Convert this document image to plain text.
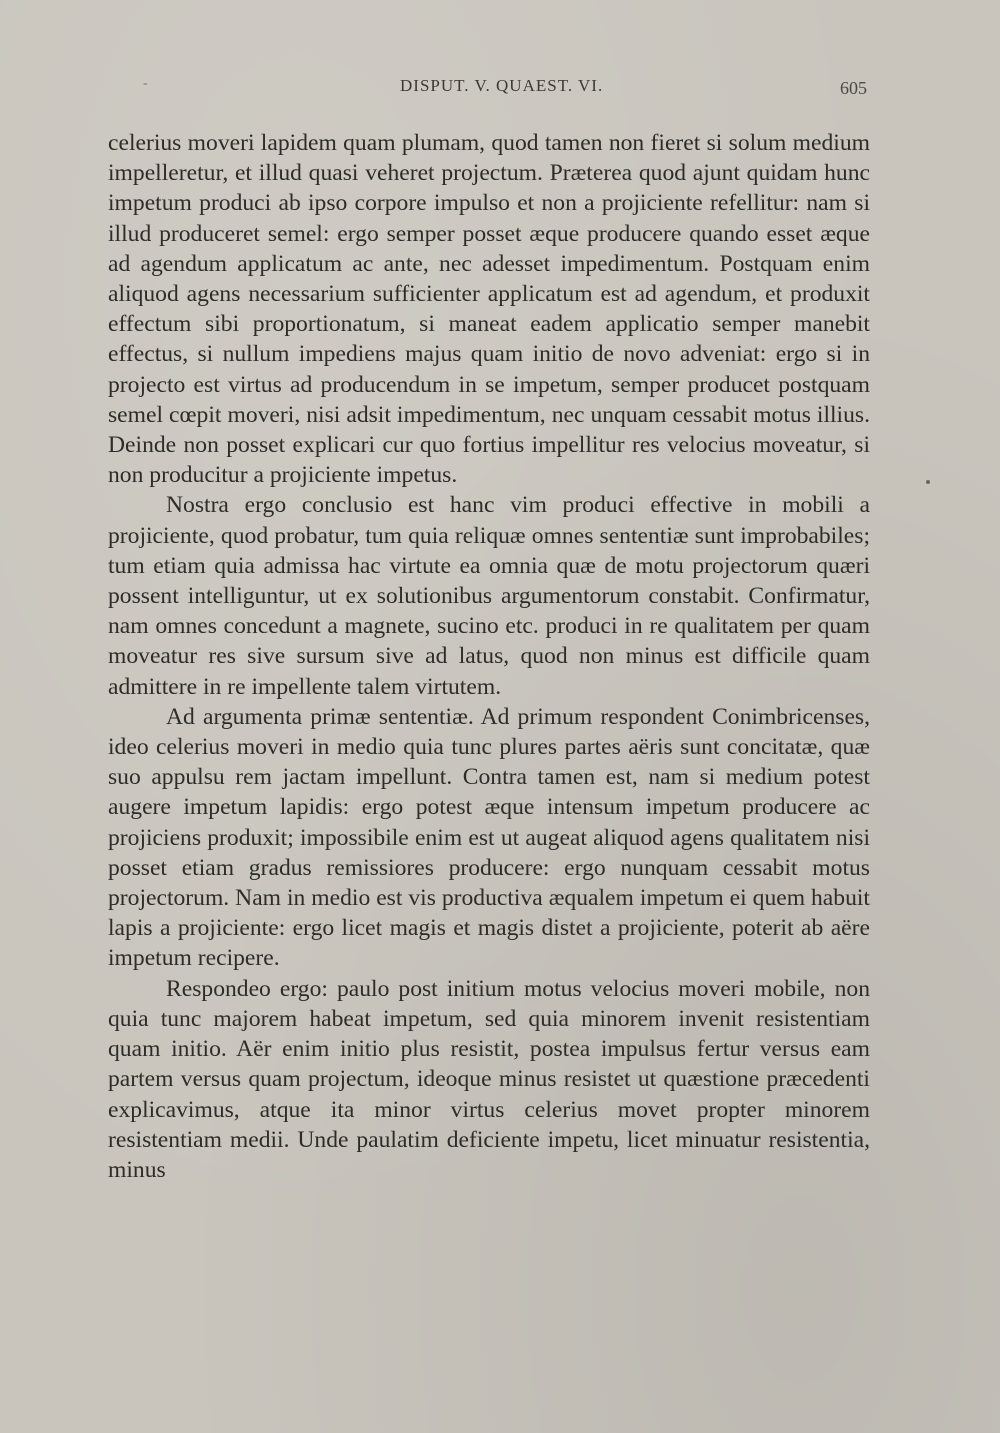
-	DISPUT. V. QUAEST. VI.	605

celerius moveri lapidem quam plumam, quod tamen non fieret si solum medium impelleretur, et illud quasi veheret projectum. Præterea quod ajunt quidam hunc impetum produci ab ipso corpore impulso et non a projiciente refellitur: nam si illud produceret semel: ergo semper posset æque producere quando esset æque ad agendum applicatum ac ante, nec adesset impedimentum. Postquam enim aliquod agens necessarium sufficienter applicatum est ad agendum, et produxit effectum sibi proportionatum, si maneat eadem applicatio semper manebit effectus, si nullum impediens majus quam initio de novo adveniat: ergo si in projecto est virtus ad producendum in se impetum, semper producet postquam semel cœpit moveri, nisi adsit impedimentum, nec unquam cessabit motus illius. Deinde non posset explicari cur quo fortius impellitur res velocius moveatur, si non producitur a projiciente impetus.

Nostra ergo conclusio est hanc vim produci effective in mobili a projiciente, quod probatur, tum quia reliquæ omnes sententiæ sunt improbabiles; tum etiam quia admissa hac virtute ea omnia quæ de motu projectorum quæri possent intelliguntur, ut ex solutionibus argumentorum constabit. Confirmatur, nam omnes concedunt a magnete, sucino etc. produci in re qualitatem per quam moveatur res sive sursum sive ad latus, quod non minus est difficile quam admittere in re impellente talem virtutem.

Ad argumenta primæ sententiæ. Ad primum respondent Conimbricenses, ideo celerius moveri in medio quia tunc plures partes aëris sunt concitatæ, quæ suo appulsu rem jactam impellunt. Contra tamen est, nam si medium potest augere impetum lapidis: ergo potest æque intensum impetum producere ac projiciens produxit; impossibile enim est ut augeat aliquod agens qualitatem nisi posset etiam gradus remissiores producere: ergo nunquam cessabit motus projectorum. Nam in medio est vis productiva æqualem impetum ei quem habuit lapis a projiciente: ergo licet magis et magis distet a projiciente, poterit ab aëre impetum recipere.

Respondeo ergo: paulo post initium motus velocius moveri mobile, non quia tunc majorem habeat impetum, sed quia minorem invenit resistentiam quam initio. Aër enim initio plus resistit, postea impulsus fertur versus eam partem versus quam projectum, ideoque minus resistet ut quæstione præcedenti explicavimus, atque ita minor virtus celerius movet propter minorem resistentiam medii. Unde paulatim deficiente impetu, licet minuatur resistentia, minus
